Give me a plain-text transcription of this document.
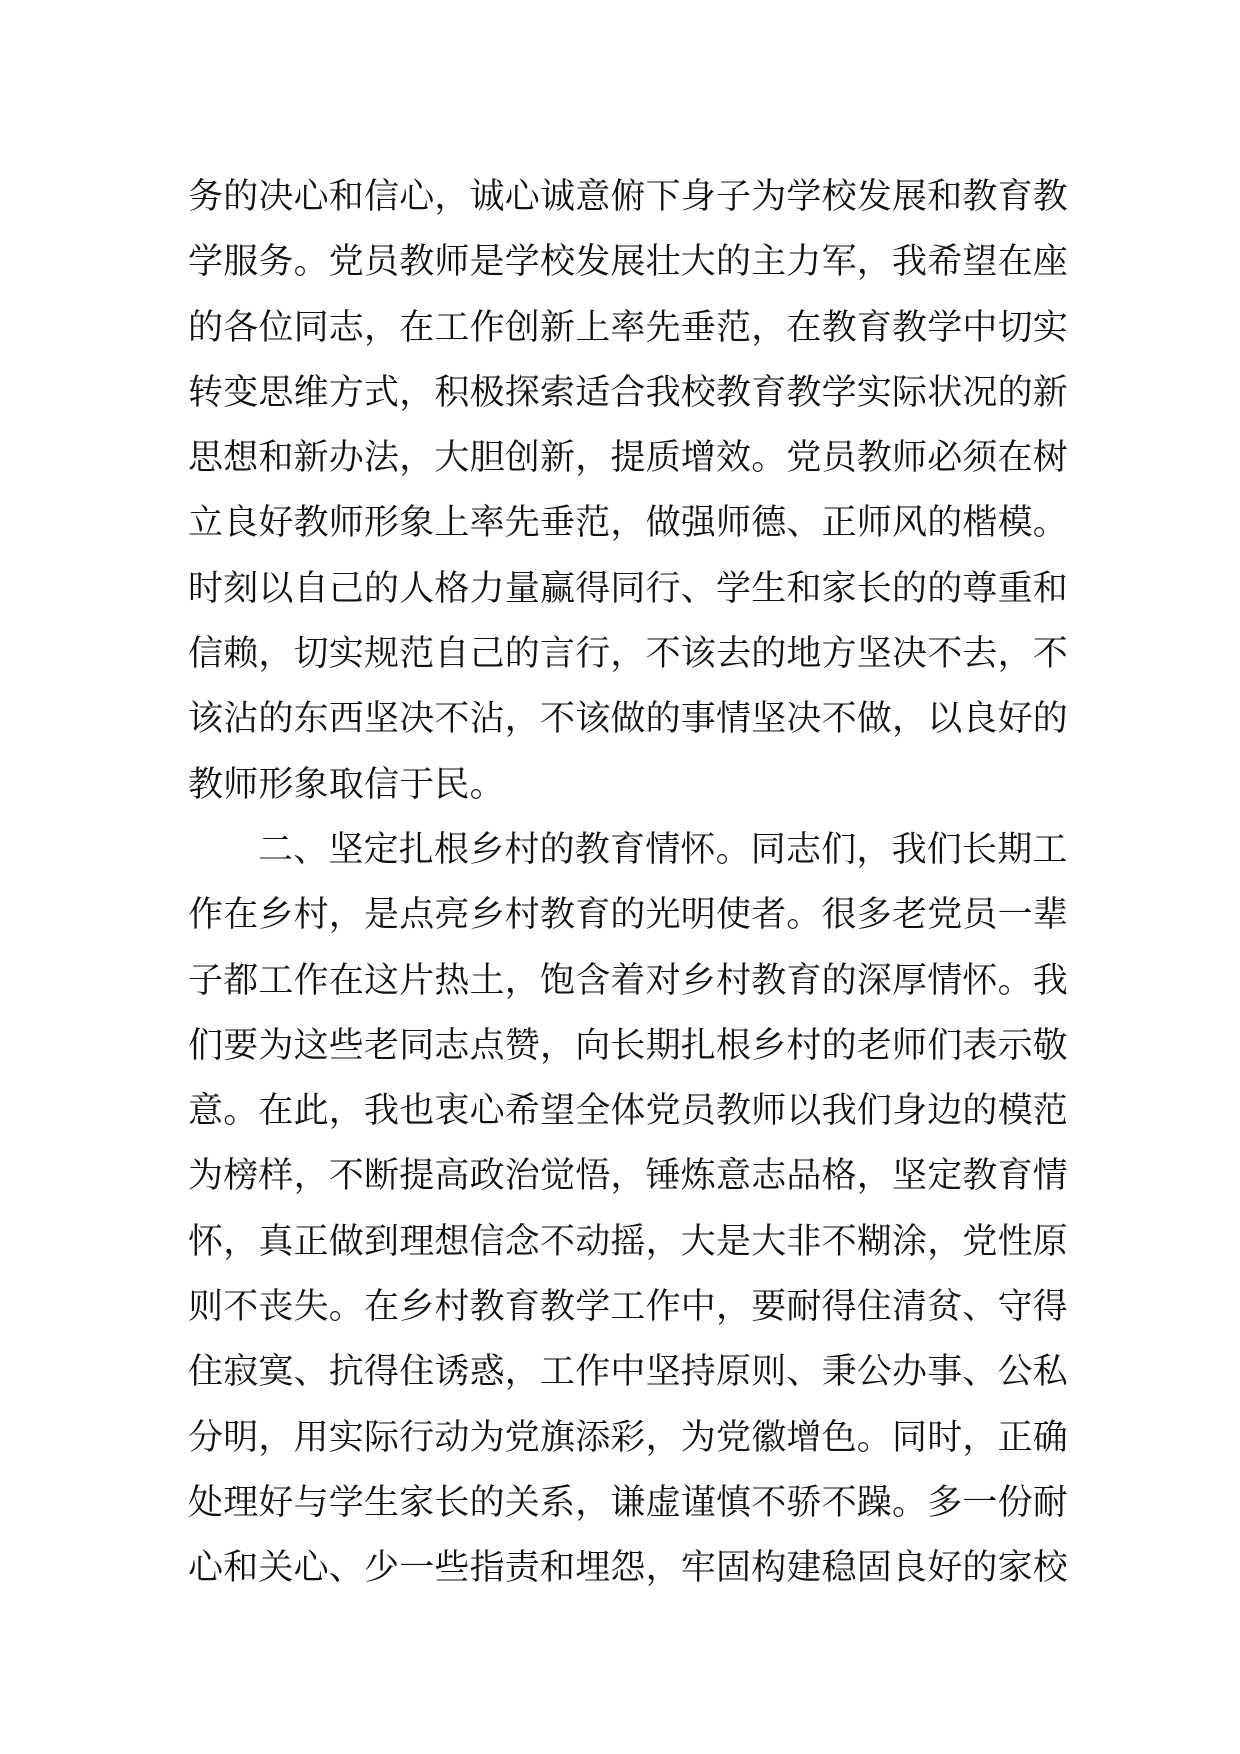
务的决心和信心，诚心诚意俯下身子为学校发展和教育教
学服务。党员教师是学校发展壮大的主力军，我希望在座
的各位同志，在工作创新上率先垂范，在教育教学中切实
转变思维方式，积极探索适合我校教育教学实际状况的新
思想和新办法，大胆创新，提质增效。党员教师必须在树
立良好教师形象上率先垂范，做强师德、正师风的楷模。
时刻以自己的人格力量赢得同行、学生和家长的的尊重和
信赖，切实规范自己的言行，不该去的地方坚决不去，不
该沾的东西坚决不沾，不该做的事情坚决不做，以良好的
教师形象取信于民。
二、坚定扎根乡村的教育情怀。同志们，我们长期工
作在乡村，是点亮乡村教育的光明使者。很多老党员一辈
子都工作在这片热土，饱含着对乡村教育的深厚情怀。我
们要为这些老同志点赞，向长期扎根乡村的老师们表示敬
意。在此，我也衷心希望全体党员教师以我们身边的模范
为榜样，不断提高政治觉悟，锤炼意志品格，坚定教育情
怀，真正做到理想信念不动摇，大是大非不糊涂，党性原
则不丧失。在乡村教育教学工作中，要耐得住清贫、守得
住寂寞、抗得住诱惑，工作中坚持原则、秉公办事、公私
分明，用实际行动为党旗添彩，为党徽增色。同时，正确
处理好与学生家长的关系，谦虚谨慎不骄不躁。多一份耐
心和关心、少一些指责和埋怨，牢固构建稳固良好的家校
